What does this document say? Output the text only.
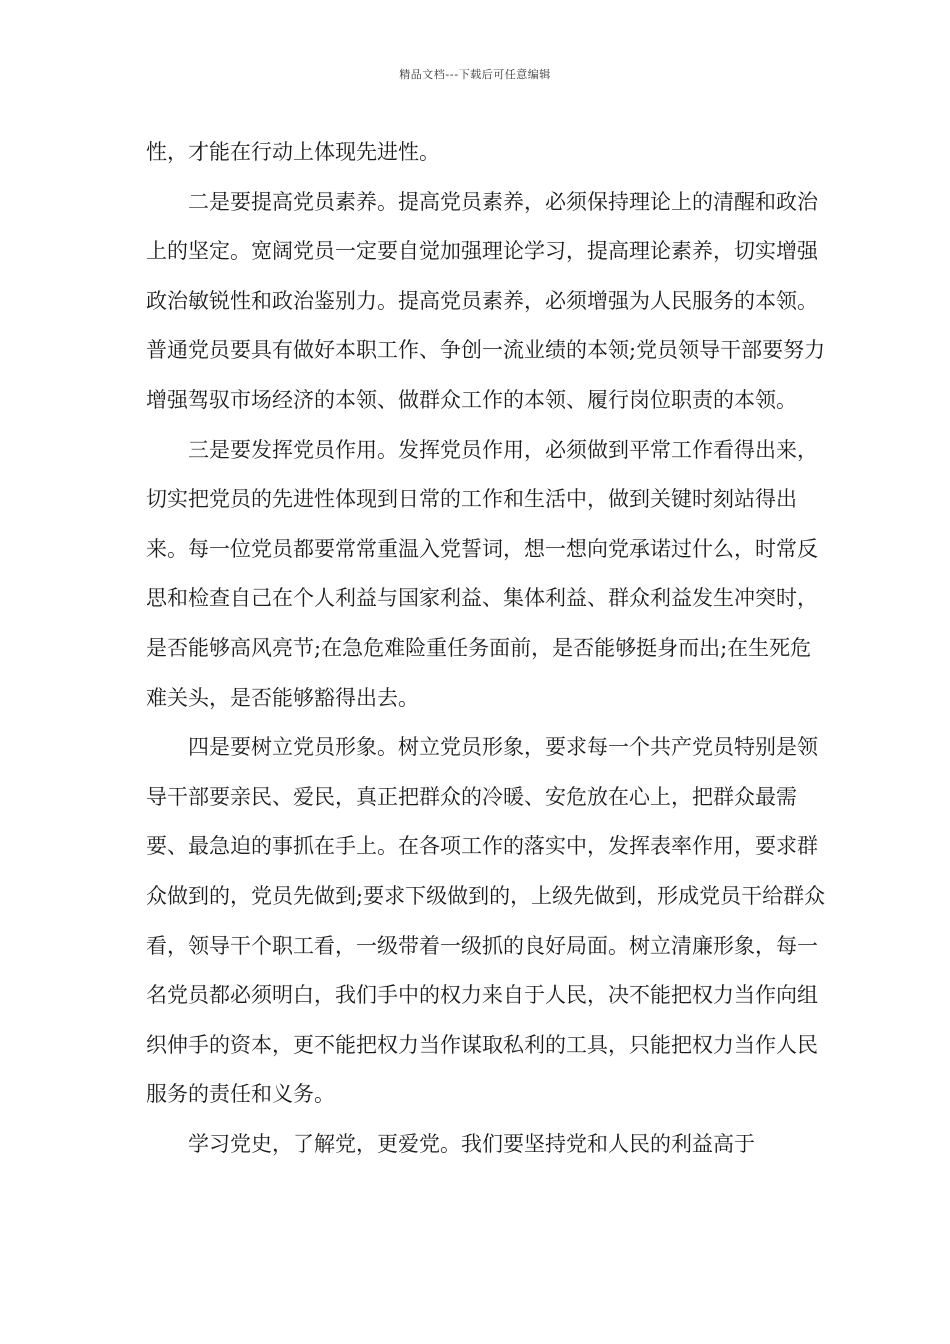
精品文档---下载后可任意编辑

性，才能在行动上体现先进性。

二是要提高党员素养。提高党员素养，必须保持理论上的清醒和政治上的坚定。宽阔党员一定要自觉加强理论学习，提高理论素养，切实增强政治敏锐性和政治鉴别力。提高党员素养，必须增强为人民服务的本领。普通党员要具有做好本职工作、争创一流业绩的本领;党员领导干部要努力增强驾驭市场经济的本领、做群众工作的本领、履行岗位职责的本领。

三是要发挥党员作用。发挥党员作用，必须做到平常工作看得出来，切实把党员的先进性体现到日常的工作和生活中，做到关键时刻站得出来。每一位党员都要常常重温入党誓词，想一想向党承诺过什么，时常反思和检查自己在个人利益与国家利益、集体利益、群众利益发生冲突时，是否能够高风亮节;在急危难险重任务面前，是否能够挺身而出;在生死危难关头，是否能够豁得出去。

四是要树立党员形象。树立党员形象，要求每一个共产党员特别是领导干部要亲民、爱民，真正把群众的冷暖、安危放在心上，把群众最需要、最急迫的事抓在手上。在各项工作的落实中，发挥表率作用，要求群众做到的，党员先做到;要求下级做到的，上级先做到，形成党员干给群众看，领导干个职工看，一级带着一级抓的良好局面。树立清廉形象，每一名党员都必须明白，我们手中的权力来自于人民，决不能把权力当作向组织伸手的资本，更不能把权力当作谋取私利的工具，只能把权力当作人民服务的责任和义务。

学习党史，了解党，更爱党。我们要坚持党和人民的利益高于
